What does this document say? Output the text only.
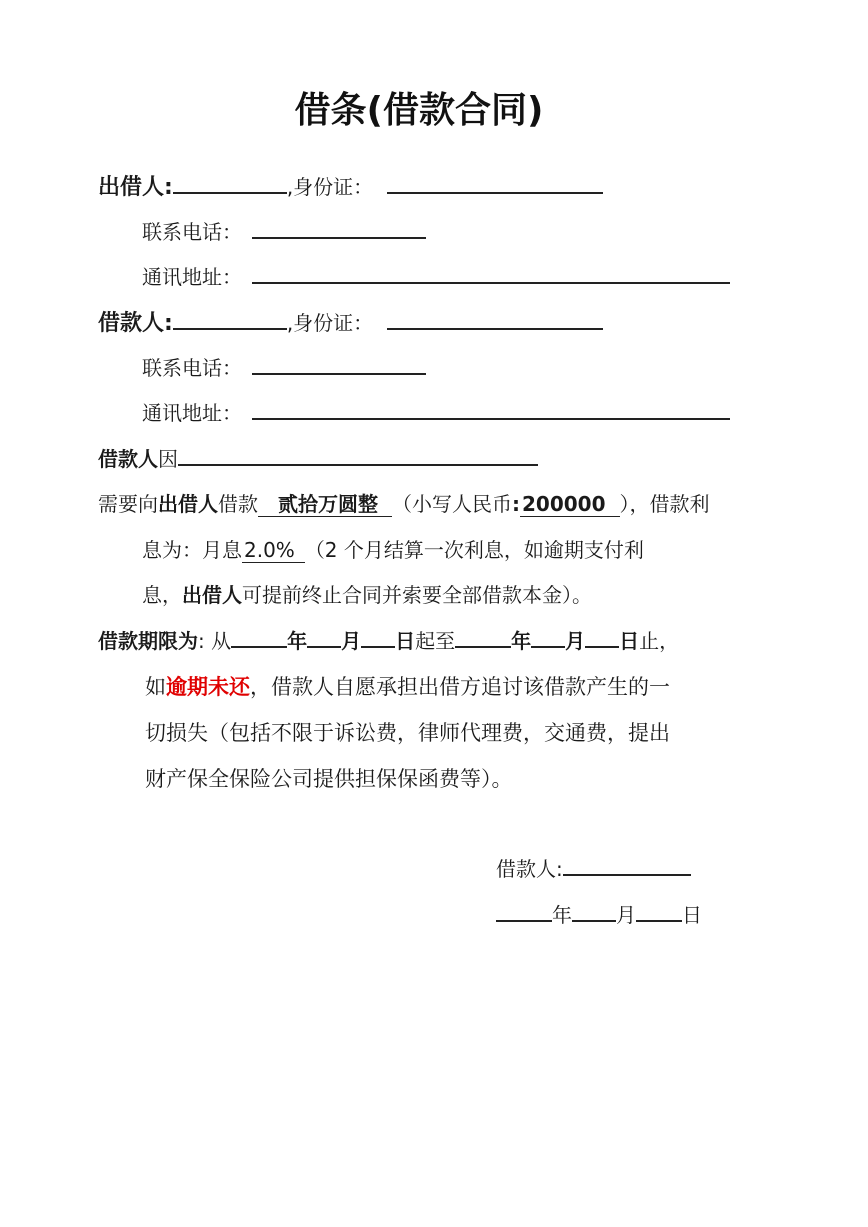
借条(借款合同)
出借人:	,身份证：
联系电话：
通讯地址：
借款人:	,身份证：
联系电话：
通讯地址：
借款人因
需要向出借人借款 贰拾万圆整 （小写人民币: 200000 ），借款利
息为：月息 2.0% （2 个月结算一次利息，如逾期支付利
息，出借人可提前终止合同并索要全部借款本金）。
借款期限为: 从	年 月 日起至	年 月 日止，
如逾期未还，借款人自愿承担出借方追讨该借款产生的一
切损失（包括不限于诉讼费，律师代理费，交通费，提出
财产保全保险公司提供担保保函费等）。
借款人:
年 月 日
